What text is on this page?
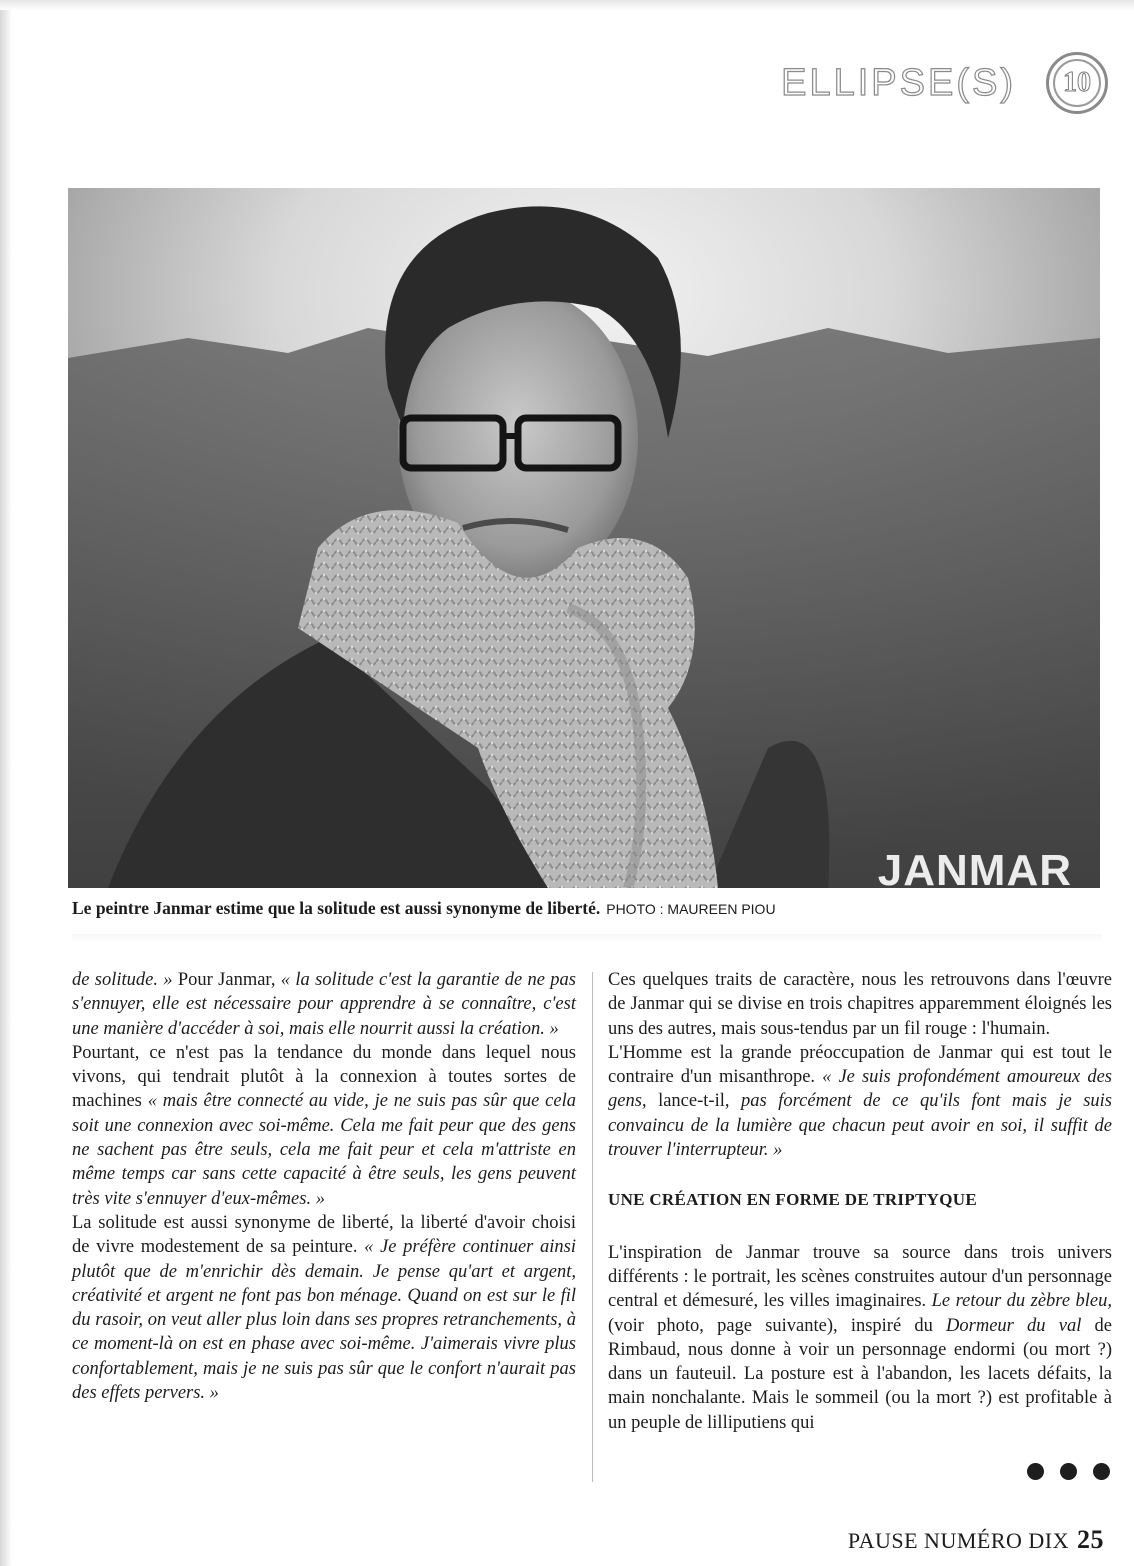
ELLIPSE(S)	10
JANMAR
Le peintre Janmar estime que la solitude est aussi synonyme de liberté. PHOTO : MAUREEN PIOU

de solitude. » Pour Janmar, « la solitude c'est la garantie de ne pas s'ennuyer, elle est nécessaire pour apprendre à se connaître, c'est une manière d'accéder à soi, mais elle nourrit aussi la création. »

Pourtant, ce n'est pas la tendance du monde dans lequel nous vivons, qui tendrait plutôt à la connexion à toutes sortes de machines « mais être connecté au vide, je ne suis pas sûr que cela soit une connexion avec soi-même. Cela me fait peur que des gens ne sachent pas être seuls, cela me fait peur et cela m'attriste en même temps car sans cette capacité à être seuls, les gens peuvent très vite s'ennuyer d'eux-mêmes. »

La solitude est aussi synonyme de liberté, la liberté d'avoir choisi de vivre modestement de sa peinture. « Je préfère continuer ainsi plutôt que de m'enrichir dès demain. Je pense qu'art et argent, créativité et argent ne font pas bon ménage. Quand on est sur le fil du rasoir, on veut aller plus loin dans ses propres retranchements, à ce moment-là on est en phase avec soi-même. J'aimerais vivre plus confortablement, mais je ne suis pas sûr que le confort n'aurait pas des effets pervers. »

Ces quelques traits de caractère, nous les retrouvons dans l'œuvre de Janmar qui se divise en trois chapitres apparemment éloignés les uns des autres, mais sous-tendus par un fil rouge : l'humain.

L'Homme est la grande préoccupation de Janmar qui est tout le contraire d'un misanthrope. « Je suis profondément amoureux des gens, lance-t-il, pas forcément de ce qu'ils font mais je suis convaincu de la lumière que chacun peut avoir en soi, il suffit de trouver l'interrupteur. »

UNE CRÉATION EN FORME DE TRIPTYQUE

L'inspiration de Janmar trouve sa source dans trois univers différents : le portrait, les scènes construites autour d'un personnage central et démesuré, les villes imaginaires. Le retour du zèbre bleu, (voir photo, page suivante), inspiré du Dormeur du val de Rimbaud, nous donne à voir un personnage endormi (ou mort ?) dans un fauteuil. La posture est à l'abandon, les lacets défaits, la main nonchalante. Mais le sommeil (ou la mort ?) est profitable à un peuple de lilliputiens qui

PAUSE NUMÉRO DIX 25
